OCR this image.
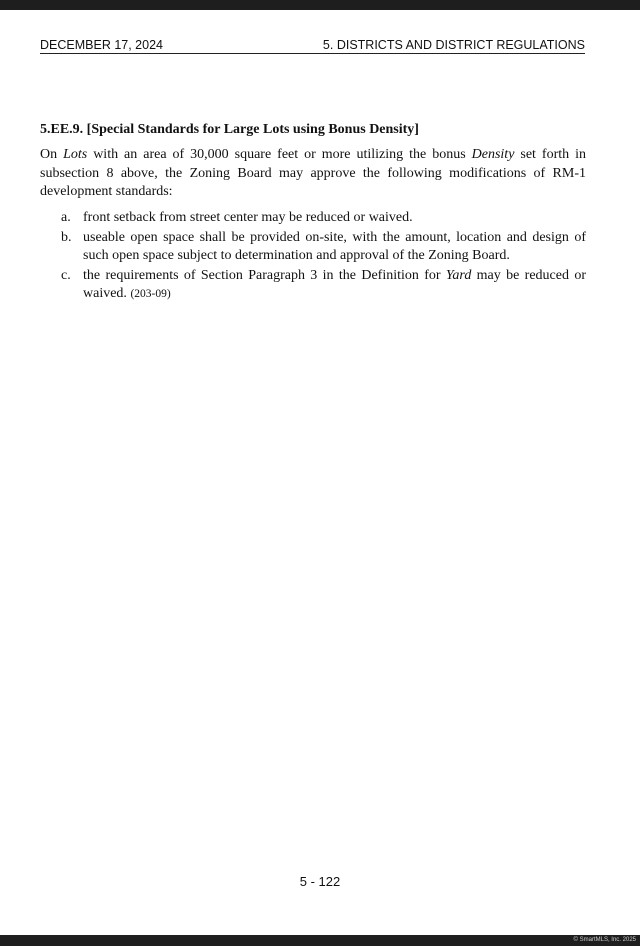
DECEMBER 17, 2024	5. DISTRICTS AND DISTRICT REGULATIONS
5.EE.9. [Special Standards for Large Lots using Bonus Density]
On Lots with an area of 30,000 square feet or more utilizing the bonus Density set forth in subsection 8 above, the Zoning Board may approve the following modifications of RM-1 development standards:
a. front setback from street center may be reduced or waived.
b. useable open space shall be provided on-site, with the amount, location and design of such open space subject to determination and approval of the Zoning Board.
c. the requirements of Section Paragraph 3 in the Definition for Yard may be reduced or waived. (203-09)
5 - 122
© SmartMLS, Inc. 2025
